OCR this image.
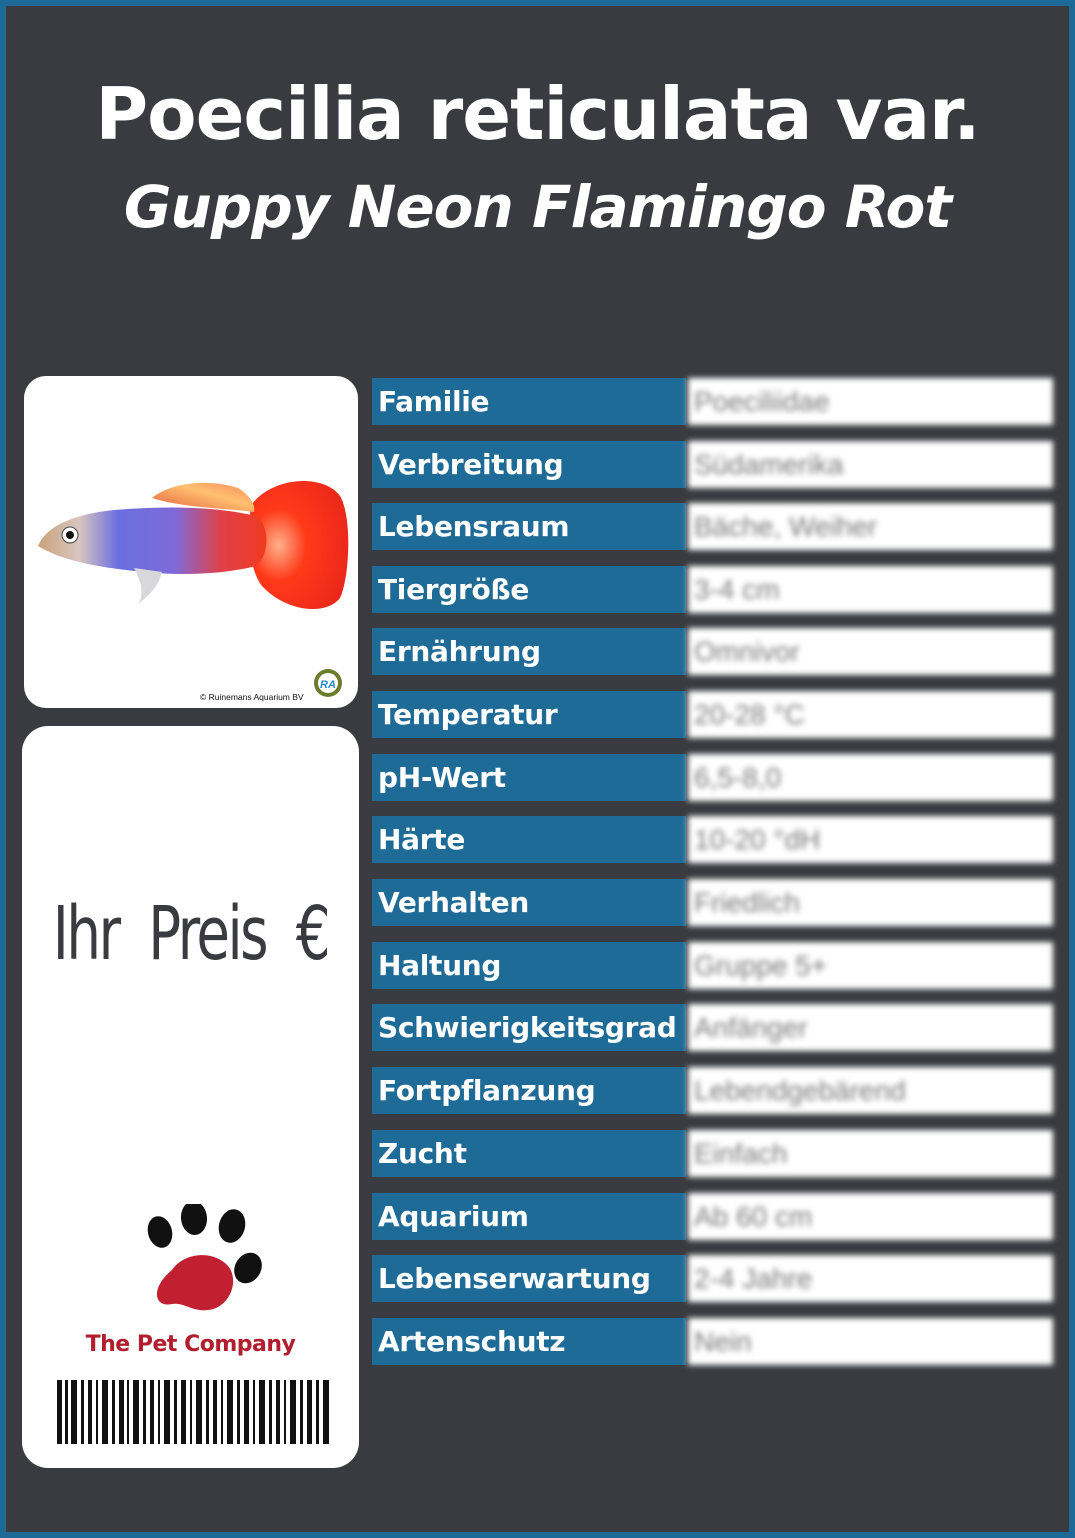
Poecilia reticulata var.
Guppy Neon Flamingo Rot
RA
© Ruinemans Aquarium BV
Ihr Preis €
The Pet Company
Familie	Poeciliidae
Verbreitung	Südamerika
Lebensraum	Bäche, Weiher
Tiergröße	3-4 cm
Ernährung	Omnivor
Temperatur	20-28 °C
pH-Wert	6,5-8,0
Härte	10-20 °dH
Verhalten	Friedlich
Haltung	Gruppe 5+
Schwierigkeitsgrad Anfänger
Fortpflanzung	Lebendgebärend
Zucht	Einfach
Aquarium	Ab 60 cm
Lebenserwartung	2-4 Jahre
Artenschutz	Nein
